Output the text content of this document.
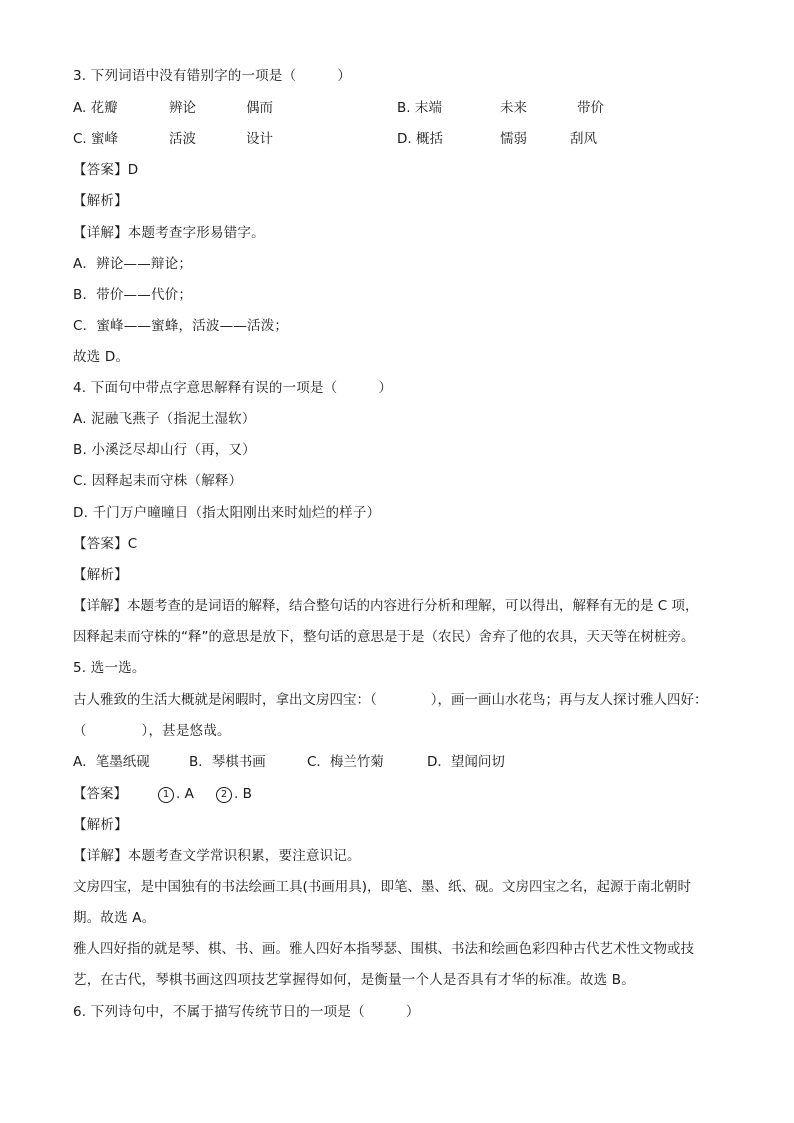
3. 下列词语中没有错别字的一项是（　　　）
A. 花瓣	辨论	偶而	B. 末端	未来	带价
C. 蜜峰	活波	设计	D. 概括	懦弱	刮风
【答案】D
【解析】
【详解】本题考查字形易错字。
A．辨论——辩论；
B．带价——代价；
C．蜜峰——蜜蜂，活波——活泼；
故选 D。
4. 下面句中带点字意思解释有误的一项是（　　　）
A. 泥融飞燕子（指泥土湿软）
B. 小溪泛尽却山行（再，又）
C. 因释起耒而守株（解释）
D. 千门万户曈曈日（指太阳刚出来时灿烂的样子）
【答案】C
【解析】
【详解】本题考查的是词语的解释，结合整句话的内容进行分析和理解，可以得出，解释有无的是 C 项，
因释起耒而守株的“释”的意思是放下，整句话的意思是于是（农民）舍弃了他的农具，天天等在树桩旁。
5. 选一选。
古人雅致的生活大概就是闲暇时，拿出文房四宝：（　　　　），画一画山水花鸟；再与友人探讨雅人四好：
（　　　　），甚是悠哉。
A．笔墨纸砚	B．琴棋书画	C．梅兰竹菊	D．望闻问切
【答案】	1 . A	2 . B
【解析】
【详解】本题考查文学常识积累，要注意识记。
文房四宝，是中国独有的书法绘画工具(书画用具)，即笔、墨、纸、砚。文房四宝之名，起源于南北朝时
期。故选 A。
雅人四好指的就是琴、棋、书、画。雅人四好本指琴瑟、围棋、书法和绘画色彩四种古代艺术性文物或技
艺，在古代，琴棋书画这四项技艺掌握得如何，是衡量一个人是否具有才华的标准。故选 B。
6. 下列诗句中，不属于描写传统节日的一项是（　　　）
